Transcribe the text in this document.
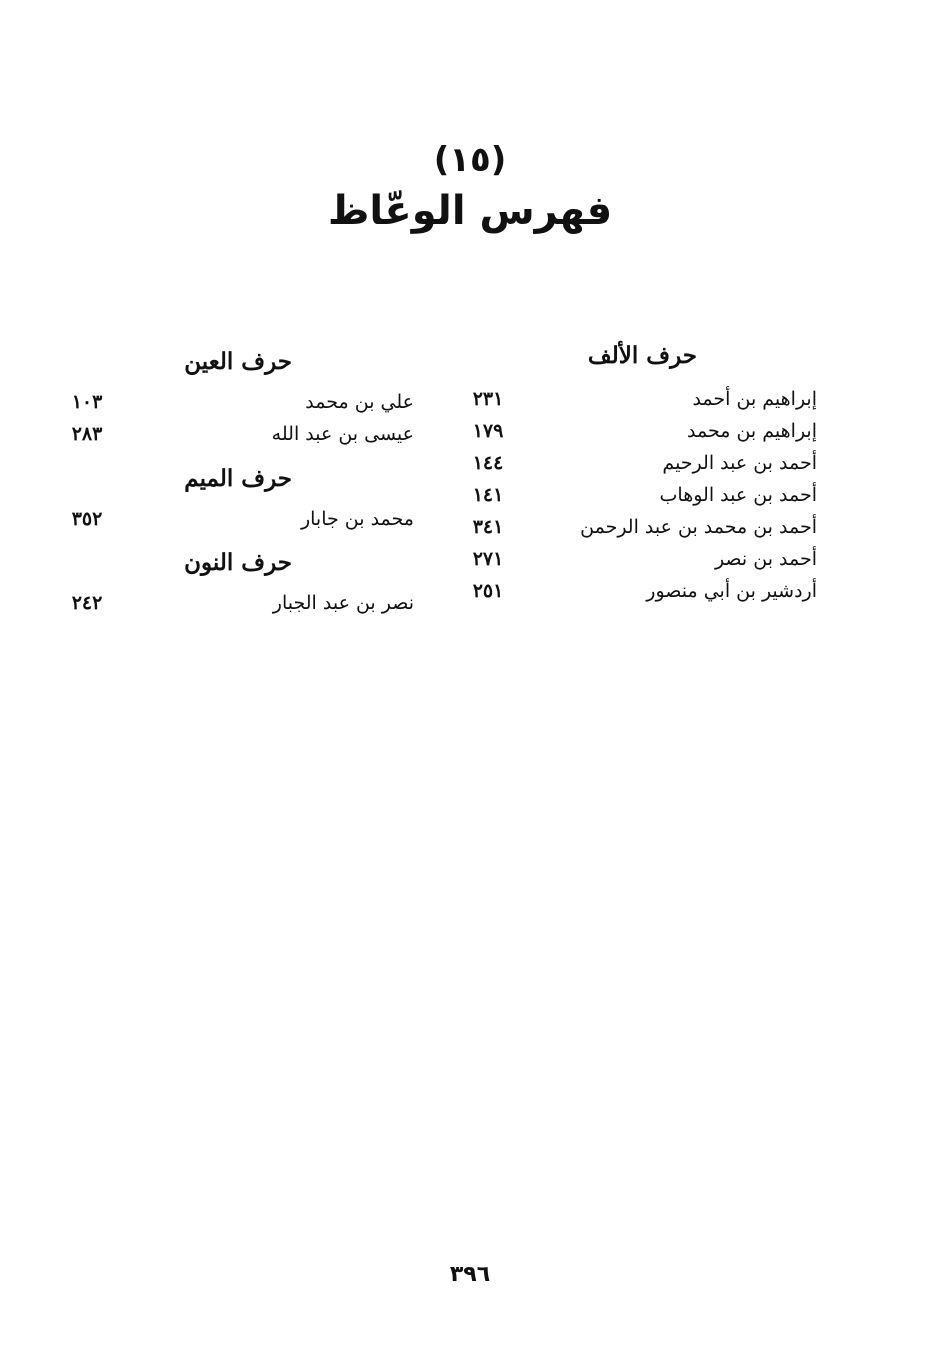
(١٥)
فهرس الوعّاظ
حرف الألف
إبراهيم بن أحمد
٢٣١
إبراهيم بن محمد
١٧٩
أحمد بن عبد الرحيم
١٤٤
أحمد بن عبد الوهاب
١٤١
أحمد بن محمد بن عبد الرحمن
٣٤١
أحمد بن نصر
٢٧١
أردشير بن أبي منصور
٢٥١
حرف العين
علي بن محمد
١٠٣
عيسى بن عبد الله
٢٨٣
حرف الميم
محمد بن جابار
٣٥٢
حرف النون
نصر بن عبد الجبار
٢٤٢
٣٩٦
